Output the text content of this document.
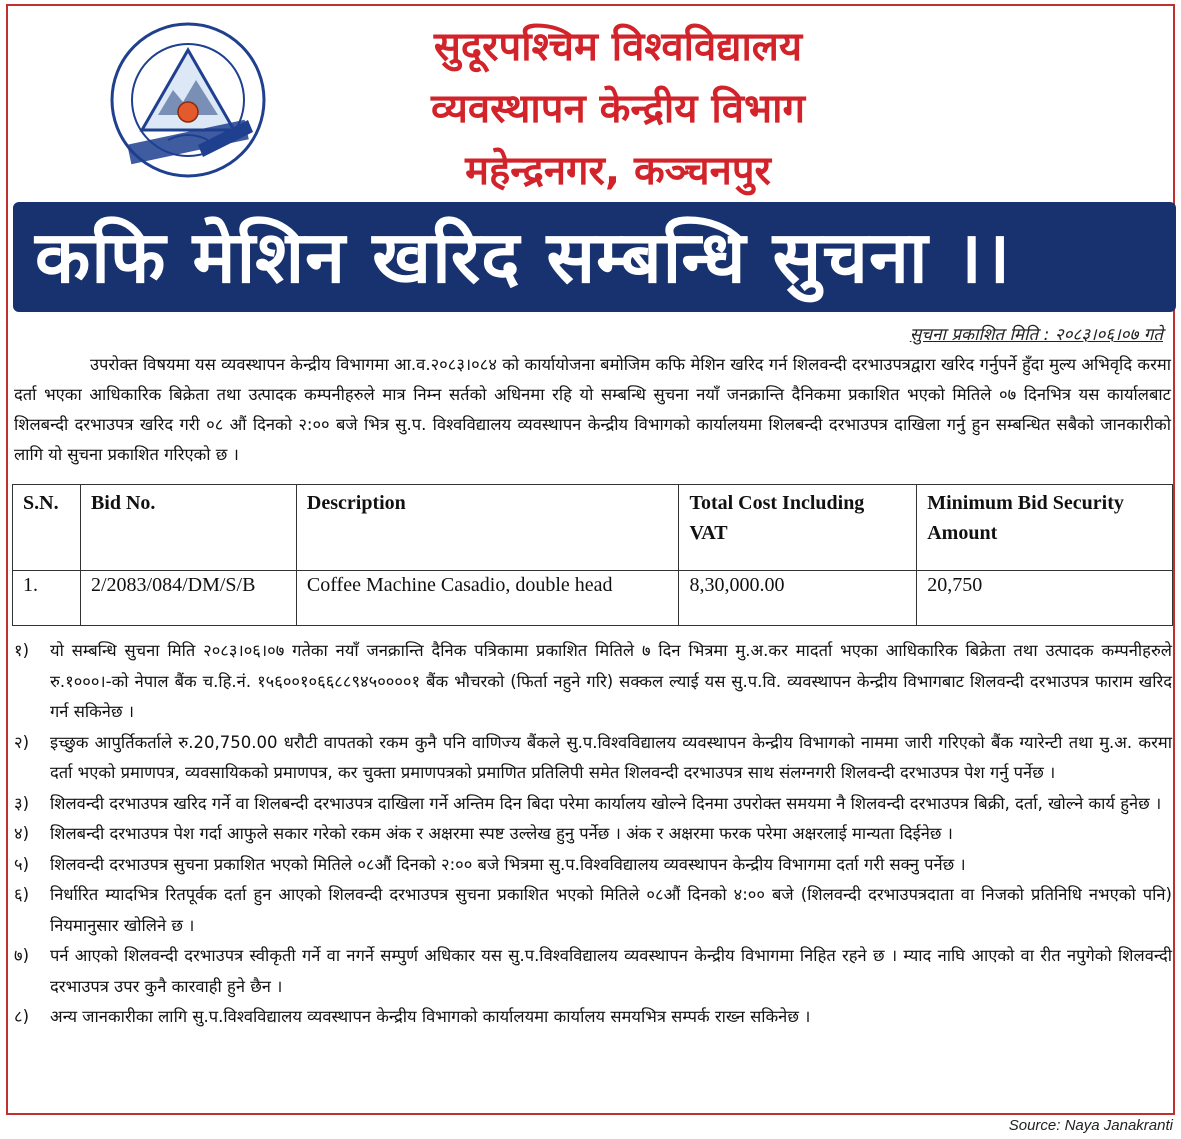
सुदूरपश्चिम विश्वविद्यालय
व्यवस्थापन केन्द्रीय विभाग
महेन्द्रनगर, कञ्चनपुर
कफि मेशिन खरिद सम्बन्धि सुचना ।।
सुचना प्रकाशित मिति : २०८३।०६।०७ गते

उपरोक्त विषयमा यस व्यवस्थापन केन्द्रीय विभागमा आ.व.२०८३।०८४ को कार्यायोजना बमोजिम कफि मेशिन खरिद गर्न शिलवन्दी दरभाउपत्रद्वारा खरिद गर्नुपर्ने हुँदा मुल्य अभिवृदि करमा दर्ता भएका आधिकारिक बिक्रेता तथा उत्पादक कम्पनीहरुले मात्र निम्न सर्तको अधिनमा रहि यो सम्बन्धि सुचना नयाँ जनक्रान्ति दैनिकमा प्रकाशित भएको मितिले ०७ दिनभित्र यस कार्यालबाट शिलबन्दी दरभाउपत्र खरिद गरी ०८ औं दिनको २:०० बजे भित्र सु.प. विश्वविद्यालय व्यवस्थापन केन्द्रीय विभागको कार्यालयमा शिलबन्दी दरभाउपत्र दाखिला गर्नु हुन सम्बन्धित सबैको जानकारीको लागि यो सुचना प्रकाशित गरिएको छ ।

S.N.	Bid No.	Description	Total Cost Including VAT	Minimum Bid Security Amount
1.	2/2083/084/DM/S/B	Coffee Machine Casadio, double head	8,30,000.00	20,750
१)	यो सम्बन्धि सुचना मिति २०८३।०६।०७ गतेका नयाँ जनक्रान्ति दैनिक पत्रिकामा प्रकाशित मितिले ७ दिन भित्रमा मु.अ.कर मादर्ता भएका आधिकारिक बिक्रेता तथा उत्पादक कम्पनीहरुले रु.१०००।-को नेपाल बैंक च.हि.नं. १५६००१०६६८८९४५००००१ बैंक भौचरको (फिर्ता नहुने गरि) सक्कल ल्याई यस सु.प.वि. व्यवस्थापन केन्द्रीय विभागबाट शिलवन्दी दरभाउपत्र फाराम खरिद गर्न सकिनेछ ।
२)	इच्छुक आपुर्तिकर्ताले रु.20,750.00 धरौटी वापतको रकम कुनै पनि वाणिज्य बैंकले सु.प.विश्वविद्यालय व्यवस्थापन केन्द्रीय विभागको नाममा जारी गरिएको बैंक ग्यारेन्टी तथा मु.अ. करमा दर्ता भएको प्रमाणपत्र, व्यवसायिकको प्रमाणपत्र, कर चुक्ता प्रमाणपत्रको प्रमाणित प्रतिलिपी समेत शिलवन्दी दरभाउपत्र साथ संलग्नगरी शिलवन्दी दरभाउपत्र पेश गर्नु पर्नेछ ।
३)	शिलवन्दी दरभाउपत्र खरिद गर्ने वा शिलबन्दी दरभाउपत्र दाखिला गर्ने अन्तिम दिन बिदा परेमा कार्यालय खोल्ने दिनमा उपरोक्त समयमा नै शिलवन्दी दरभाउपत्र बिक्री, दर्ता, खोल्ने कार्य हुनेछ ।
४)	शिलबन्दी दरभाउपत्र पेश गर्दा आफुले सकार गरेको रकम अंक र अक्षरमा स्पष्ट उल्लेख हुनु पर्नेछ । अंक र अक्षरमा फरक परेमा अक्षरलाई मान्यता दिईनेछ ।
५)	शिलवन्दी दरभाउपत्र सुचना प्रकाशित भएको मितिले ०८औं दिनको २:०० बजे भित्रमा सु.प.विश्वविद्यालय व्यवस्थापन केन्द्रीय विभागमा दर्ता गरी सक्नु पर्नेछ ।
६)	निर्धारित म्यादभित्र रितपूर्वक दर्ता हुन आएको शिलवन्दी दरभाउपत्र सुचना प्रकाशित भएको मितिले ०८औं दिनको ४:०० बजे (शिलवन्दी दरभाउपत्रदाता वा निजको प्रतिनिधि नभएको पनि) नियमानुसार खोलिने छ ।
७)	पर्न आएको शिलवन्दी दरभाउपत्र स्वीकृती गर्ने वा नगर्ने सम्पुर्ण अधिकार यस सु.प.विश्वविद्यालय व्यवस्थापन केन्द्रीय विभागमा निहित रहने छ । म्याद नाघि आएको वा रीत नपुगेको शिलवन्दी दरभाउपत्र उपर कुनै कारवाही हुने छैन ।
८)	अन्य जानकारीका लागि सु.प.विश्वविद्यालय व्यवस्थापन केन्द्रीय विभागको कार्यालयमा कार्यालय समयभित्र सम्पर्क राख्न सकिनेछ ।
Source: Naya Janakranti
